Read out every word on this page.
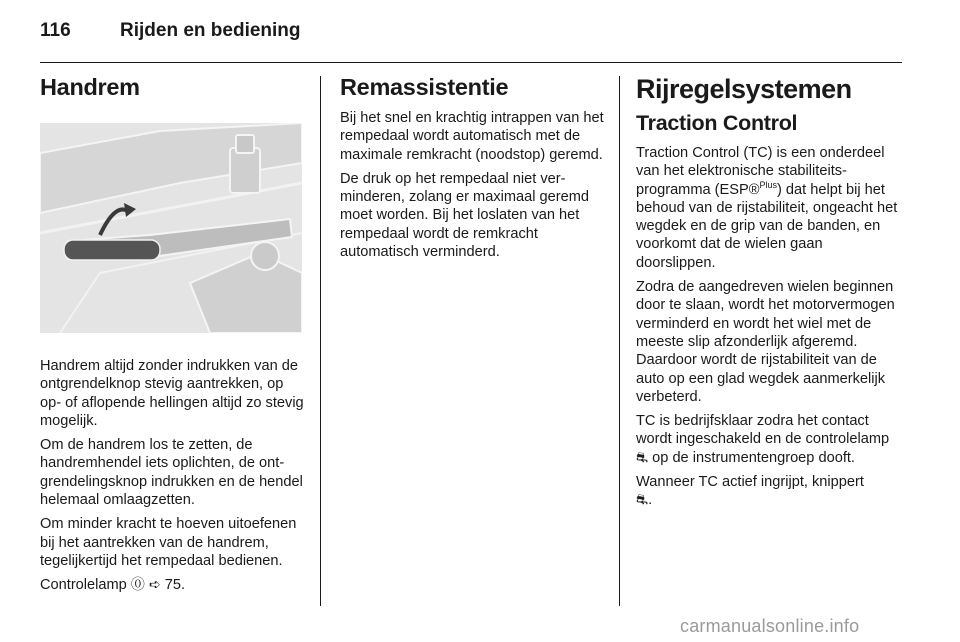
116	Rijden en bediening
Handrem

Handrem altijd zonder indrukken van de ontgrendelknop stevig aantrekken, op op- of aflopende hellingen altijd zo stevig mogelijk.

Om de handrem los te zetten, de handremhendel iets oplichten, de ontgrendelingsknop indrukken en de hendel helemaal omlaagzetten.

Om minder kracht te hoeven uitoefenen bij het aantrekken van de handrem, tegelijkertijd het rempedaal bedienen.

Controlelamp ⓪ ➪ 75.

Remassistentie

Bij het snel en krachtig intrappen van het rempedaal wordt automatisch met de maximale remkracht (noodstop) geremd.

De druk op het rempedaal niet verminderen, zolang er maximaal geremd moet worden. Bij het loslaten van het rempedaal wordt de remkracht automatisch verminderd.

Rijregelsystemen
Traction Control

Traction Control (TC) is een onderdeel van het elektronische stabiliteitsprogramma (ESP®$^{Plus}$) dat helpt bij het behoud van de rijstabiliteit, ongeacht het wegdek en de grip van de banden, en voorkomt dat de wielen gaan doorslippen.

Zodra de aangedreven wielen beginnen door te slaan, wordt het motorvermogen verminderd en wordt het wiel met de meeste slip afzonderlijk afgeremd. Daardoor wordt de rijstabiliteit van de auto op een glad wegdek aanmerkelijk verbeterd.

TC is bedrijfsklaar zodra het contact wordt ingeschakeld en de controlelamp ⛐ op de instrumentengroep dooft.

Wanneer TC actief ingrijpt, knippert
⛐.

carmanualsonline.info
